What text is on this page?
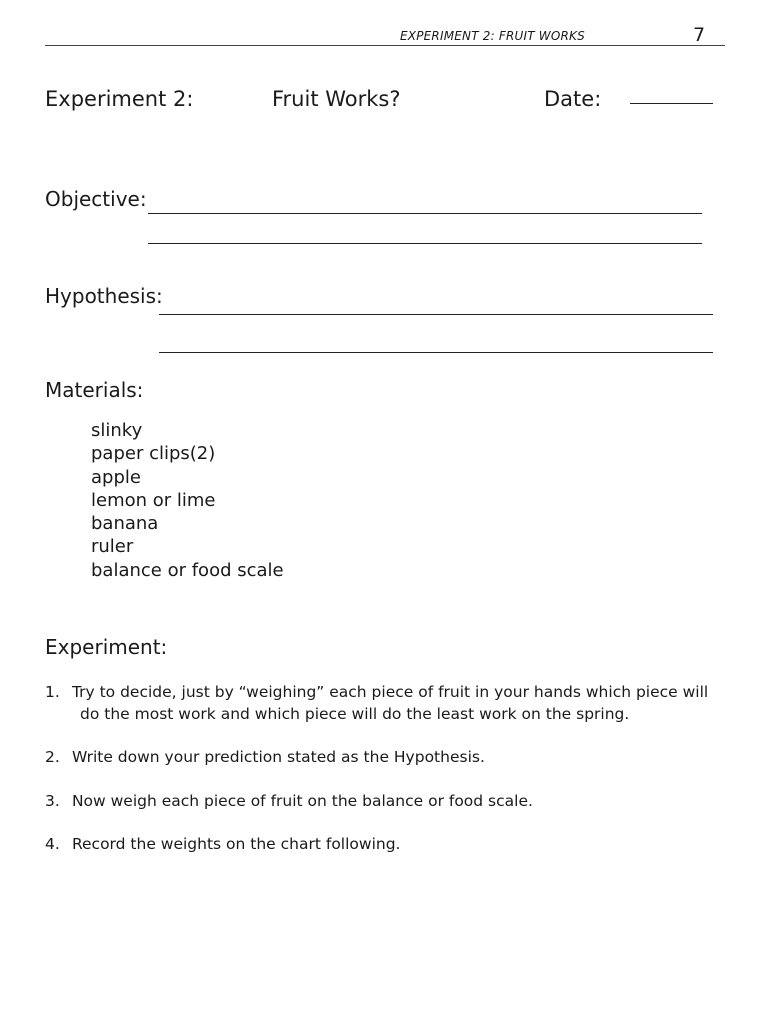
EXPERIMENT 2: FRUIT WORKS	7
Experiment 2:	Fruit Works?	Date:
Objective:
Hypothesis:
Materials:
slinky
paper clips(2)
apple
lemon or lime
banana
ruler
balance or food scale
Experiment:
1. Try to decide, just by “weighing” each piece of fruit in your hands which piece will
do the most work and which piece will do the least work on the spring.
2. Write down your prediction stated as the Hypothesis.
3. Now weigh each piece of fruit on the balance or food scale.
4. Record the weights on the chart following.
